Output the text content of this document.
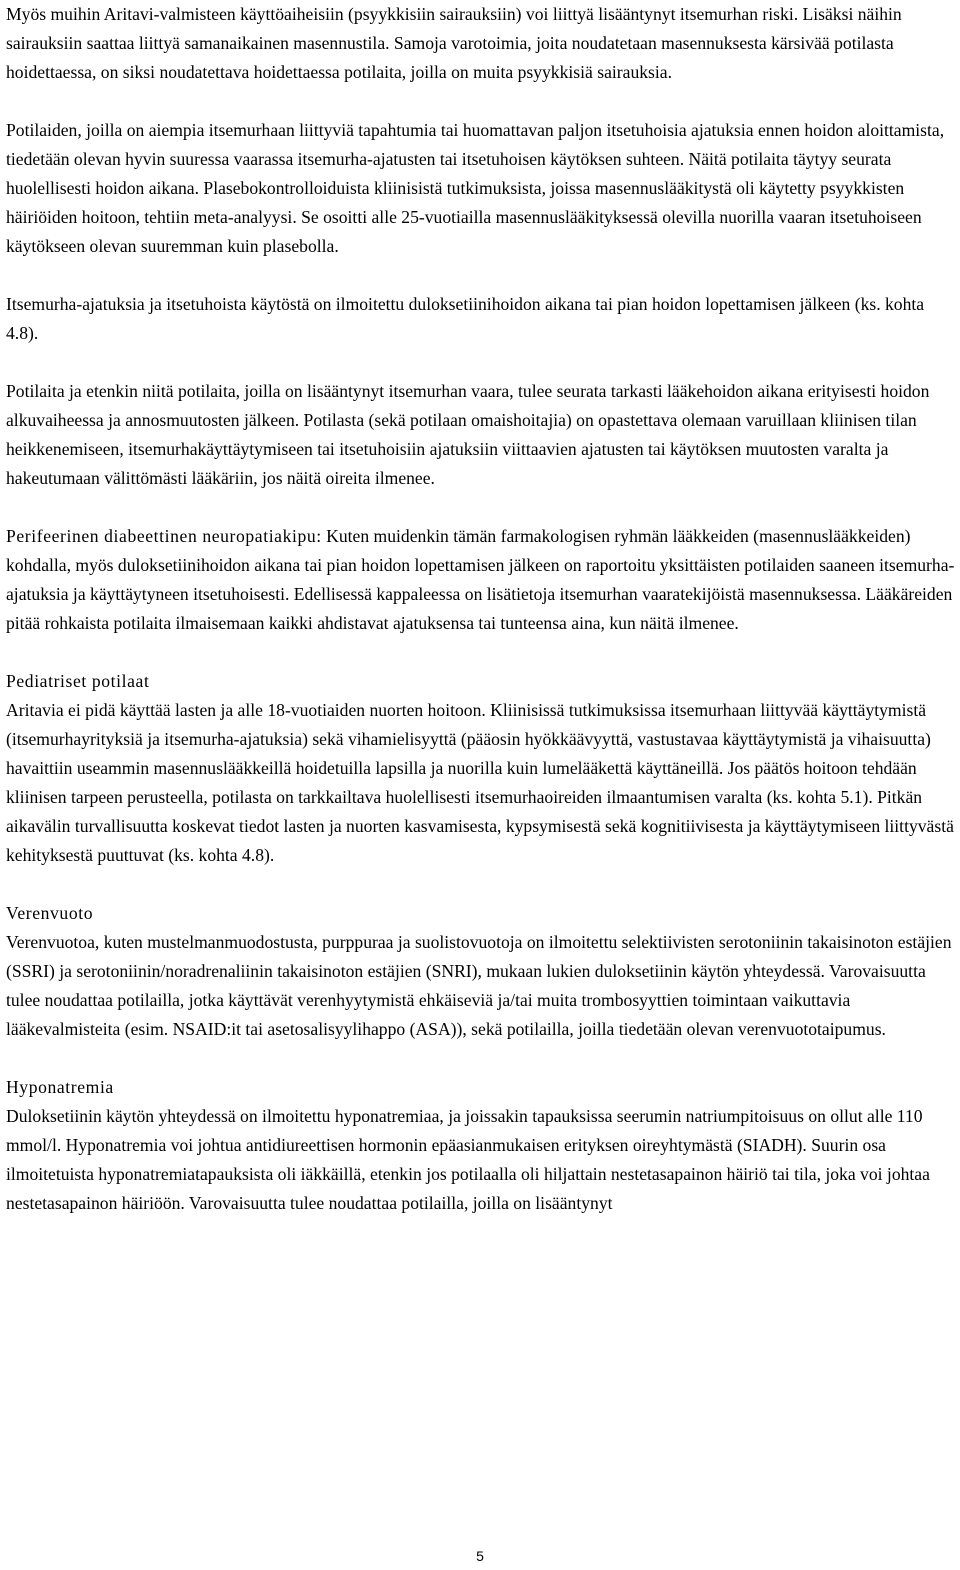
Myös muihin Aritavi-valmisteen käyttöaiheisiin (psyykkisiin sairauksiin) voi liittyä lisääntynyt itsemurhan riski. Lisäksi näihin sairauksiin saattaa liittyä samanaikainen masennustila. Samoja varotoimia, joita noudatetaan masennuksesta kärsivää potilasta hoidettaessa, on siksi noudatettava hoidettaessa potilaita, joilla on muita psyykkisiä sairauksia.

Potilaiden, joilla on aiempia itsemurhaan liittyviä tapahtumia tai huomattavan paljon itsetuhoisia ajatuksia ennen hoidon aloittamista, tiedetään olevan hyvin suuressa vaarassa itsemurha-ajatusten tai itsetuhoisen käytöksen suhteen. Näitä potilaita täytyy seurata huolellisesti hoidon aikana. Plasebokontrolloiduista kliinisistä tutkimuksista, joissa masennuslääkitystä oli käytetty psyykkisten häiriöiden hoitoon, tehtiin meta-analyysi. Se osoitti alle 25-vuotiailla masennuslääkityksessä olevilla nuorilla vaaran itsetuhoiseen käytökseen olevan suuremman kuin plasebolla.

Itsemurha-ajatuksia ja itsetuhoista käytöstä on ilmoitettu duloksetiinihoidon aikana tai pian hoidon lopettamisen jälkeen (ks. kohta 4.8).

Potilaita ja etenkin niitä potilaita, joilla on lisääntynyt itsemurhan vaara, tulee seurata tarkasti lääkehoidon aikana erityisesti hoidon alkuvaiheessa ja annosmuutosten jälkeen. Potilasta (sekä potilaan omaishoitajia) on opastettava olemaan varuillaan kliinisen tilan heikkenemiseen, itsemurhakäyttäytymiseen tai itsetuhoisiin ajatuksiin viittaavien ajatusten tai käytöksen muutosten varalta ja hakeutumaan välittömästi lääkäriin, jos näitä oireita ilmenee.

Perifeerinen diabeettinen neuropatiakipu: Kuten muidenkin tämän farmakologisen ryhmän lääkkeiden (masennuslääkkeiden) kohdalla, myös duloksetiinihoidon aikana tai pian hoidon lopettamisen jälkeen on raportoitu yksittäisten potilaiden saaneen itsemurha-ajatuksia ja käyttäytyneen itsetuhoisesti. Edellisessä kappaleessa on lisätietoja itsemurhan vaaratekijöistä masennuksessa. Lääkäreiden pitää rohkaista potilaita ilmaisemaan kaikki ahdistavat ajatuksensa tai tunteensa aina, kun näitä ilmenee.

Pediatriset potilaat

Aritavia ei pidä käyttää lasten ja alle 18-vuotiaiden nuorten hoitoon. Kliinisissä tutkimuksissa itsemurhaan liittyvää käyttäytymistä (itsemurhayrityksiä ja itsemurha-ajatuksia) sekä vihamielisyyttä (pääosin hyökkäävyyttä, vastustavaa käyttäytymistä ja vihaisuutta) havaittiin useammin masennuslääkkeillä hoidetuilla lapsilla ja nuorilla kuin lumelääkettä käyttäneillä. Jos päätös hoitoon tehdään kliinisen tarpeen perusteella, potilasta on tarkkailtava huolellisesti itsemurhaoireiden ilmaantumisen varalta (ks. kohta 5.1). Pitkän aikavälin turvallisuutta koskevat tiedot lasten ja nuorten kasvamisesta, kypsymisestä sekä kognitiivisesta ja käyttäytymiseen liittyvästä kehityksestä puuttuvat (ks. kohta 4.8).

Verenvuoto

Verenvuotoa, kuten mustelmanmuodostusta, purppuraa ja suolistovuotoja on ilmoitettu selektiivisten serotoniinin takaisinoton estäjien (SSRI) ja serotoniinin/noradrenaliinin takaisinoton estäjien (SNRI), mukaan lukien duloksetiinin käytön yhteydessä. Varovaisuutta tulee noudattaa potilailla, jotka käyttävät verenhyytymistä ehkäiseviä ja/tai muita trombosyyttien toimintaan vaikuttavia lääkevalmisteita (esim. NSAID:it tai asetosalisyylihappo (ASA)), sekä potilailla, joilla tiedetään olevan verenvuototaipumus.

Hyponatremia

Duloksetiinin käytön yhteydessä on ilmoitettu hyponatremiaa, ja joissakin tapauksissa seerumin natriumpitoisuus on ollut alle 110 mmol/l. Hyponatremia voi johtua antidiureettisen hormonin epäasianmukaisen erityksen oireyhtymästä (SIADH). Suurin osa ilmoitetuista hyponatremiatapauksista oli iäkkäillä, etenkin jos potilaalla oli hiljattain nestetasapainon häiriö tai tila, joka voi johtaa nestetasapainon häiriöön. Varovaisuutta tulee noudattaa potilailla, joilla on lisääntynyt

5
